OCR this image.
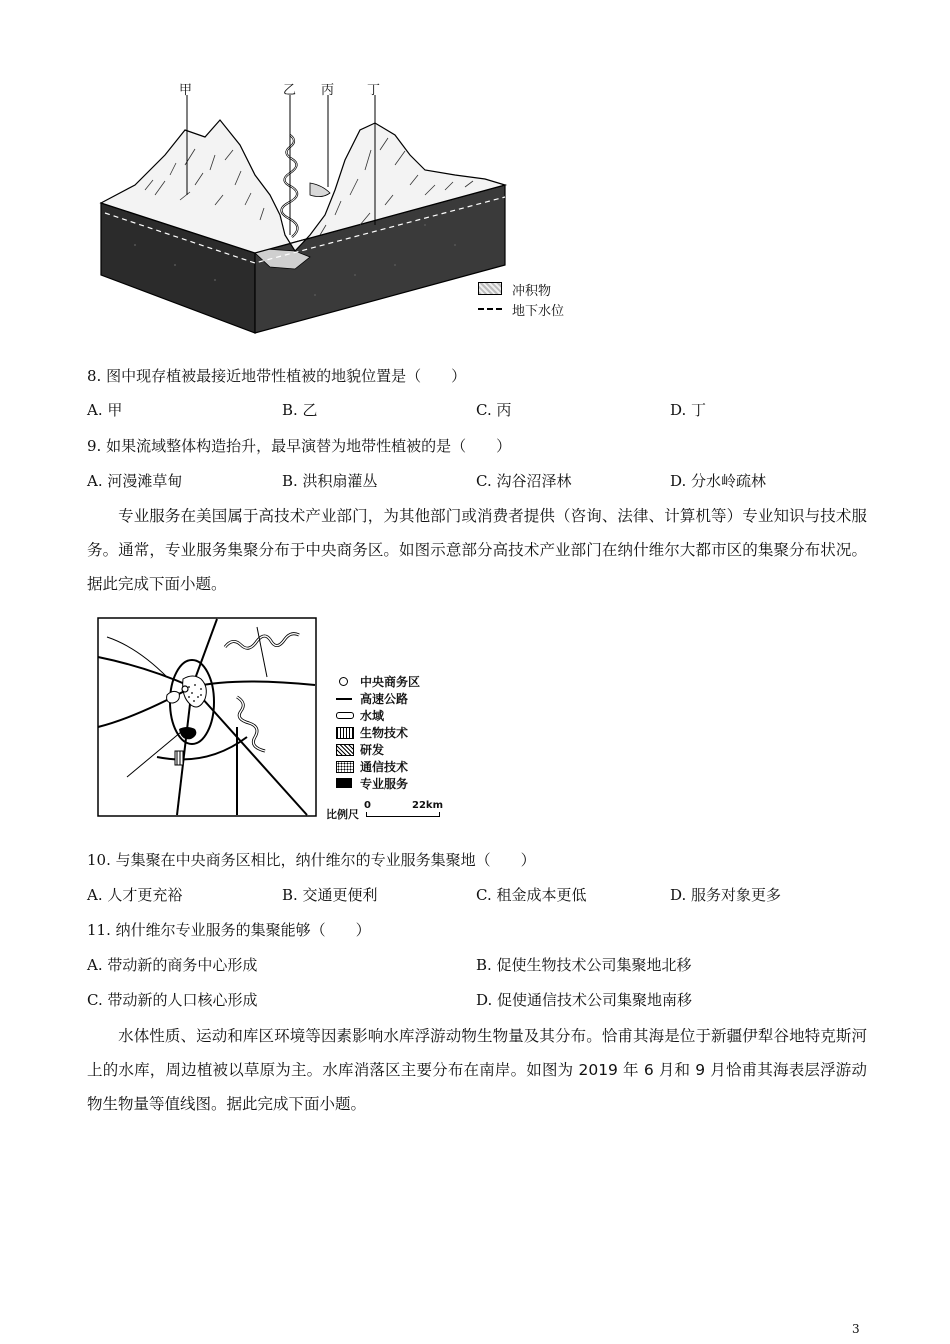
甲	乙 丙	丁
冲积物
地下水位
8. 图中现存植被最接近地带性植被的地貌位置是（　　）
A. 甲	B. 乙	C. 丙	D. 丁
9. 如果流域整体构造抬升，最早演替为地带性植被的是（　　）
A. 河漫滩草甸	B. 洪积扇灌丛	C. 沟谷沼泽林	D. 分水岭疏林
专业服务在美国属于高技术产业部门，为其他部门或消费者提供（咨询、法律、计算机等）专业知识与技术服务。通常，专业服务集聚分布于中央商务区。如图示意部分高技术产业部门在纳什维尔大都市区的集聚分布状况。据此完成下面小题。
中央商务区
高速公路
水域
生物技术
研发
通信技术
专业服务
比例尺
0	22km
10. 与集聚在中央商务区相比，纳什维尔的专业服务集聚地（　　）
A. 人才更充裕	B. 交通更便利	C. 租金成本更低	D. 服务对象更多
11. 纳什维尔专业服务的集聚能够（　　）
A. 带动新的商务中心形成	B. 促使生物技术公司集聚地北移
C. 带动新的人口核心形成	D. 促使通信技术公司集聚地南移
水体性质、运动和库区环境等因素影响水库浮游动物生物量及其分布。恰甫其海是位于新疆伊犁谷地特克斯河上的水库，周边植被以草原为主。水库消落区主要分布在南岸。如图为 2019 年 6 月和 9 月恰甫其海表层浮游动物生物量等值线图。据此完成下面小题。
3
